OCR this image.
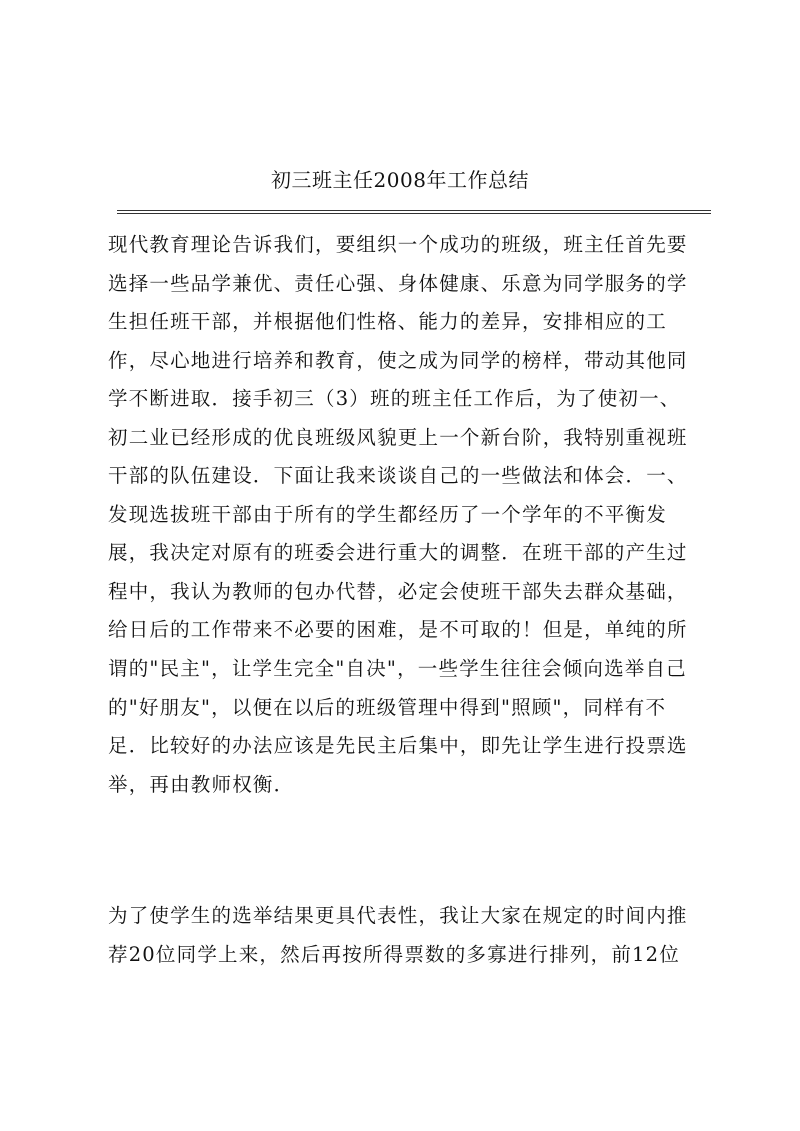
初三班主任2008年工作总结

现代教育理论告诉我们，要组织一个成功的班级，班主任首先要
选择一些品学兼优、责任心强、身体健康、乐意为同学服务的学
生担任班干部，并根据他们性格、能力的差异，安排相应的工
作，尽心地进行培养和教育，使之成为同学的榜样，带动其他同
学不断进取．接手初三（3）班的班主任工作后，为了使初一、
初二业已经形成的优良班级风貌更上一个新台阶，我特别重视班
干部的队伍建设．下面让我来谈谈自己的一些做法和体会．一、
发现选拔班干部由于所有的学生都经历了一个学年的不平衡发
展，我决定对原有的班委会进行重大的调整．在班干部的产生过
程中，我认为教师的包办代替，必定会使班干部失去群众基础，
给日后的工作带来不必要的困难，是不可取的！但是，单纯的所
谓的"民主"，让学生完全"自决"，一些学生往往会倾向选举自己
的"好朋友"，以便在以后的班级管理中得到"照顾"，同样有不
足．比较好的办法应该是先民主后集中，即先让学生进行投票选
举，再由教师权衡．

为了使学生的选举结果更具代表性，我让大家在规定的时间内推
荐20位同学上来，然后再按所得票数的多寡进行排列，前12位
